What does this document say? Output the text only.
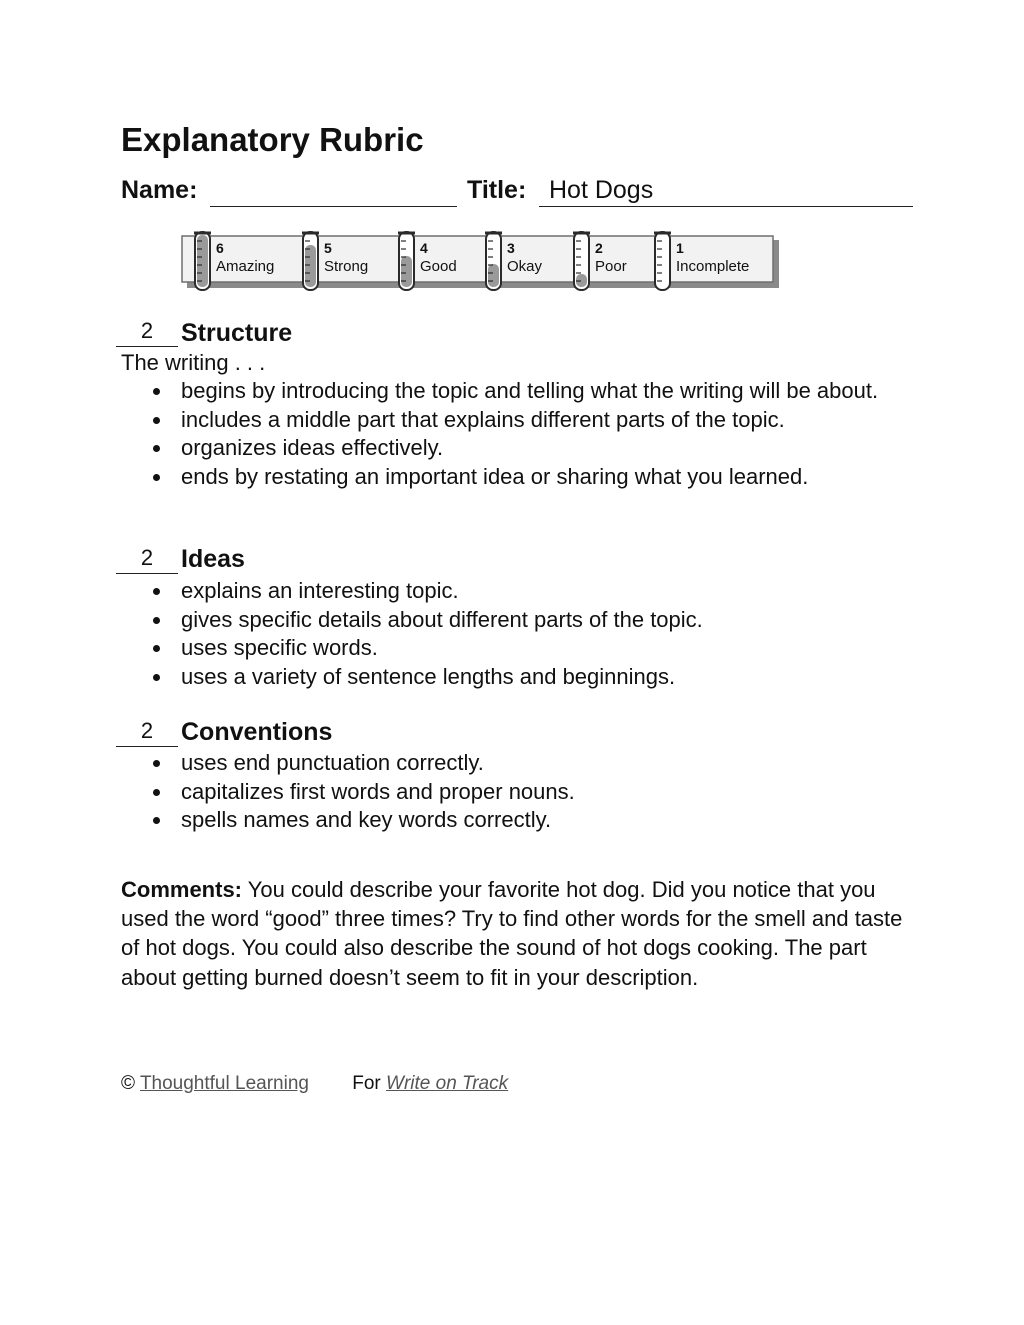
Explanatory Rubric
Name:	Title: Hot Dogs
6
Amazing
5
Strong
4
Good
3
Okay
2
Poor
1
Incomplete
2	Structure
The writing . . .
begins by introducing the topic and telling what the writing will be about.
includes a middle part that explains different parts of the topic.
organizes ideas effectively.
ends by restating an important idea or sharing what you learned.
2	Ideas
explains an interesting topic.
gives specific details about different parts of the topic.
uses specific words.
uses a variety of sentence lengths and beginnings.
2	Conventions
uses end punctuation correctly.
capitalizes first words and proper nouns.
spells names and key words correctly.

Comments: You could describe your favorite hot dog. Did you notice that you used the word “good” three times? Try to find other words for the smell and taste of hot dogs. You could also describe the sound of hot dogs cooking. The part about getting burned doesn’t seem to fit in your description.

© Thoughtful Learning For Write on Track
